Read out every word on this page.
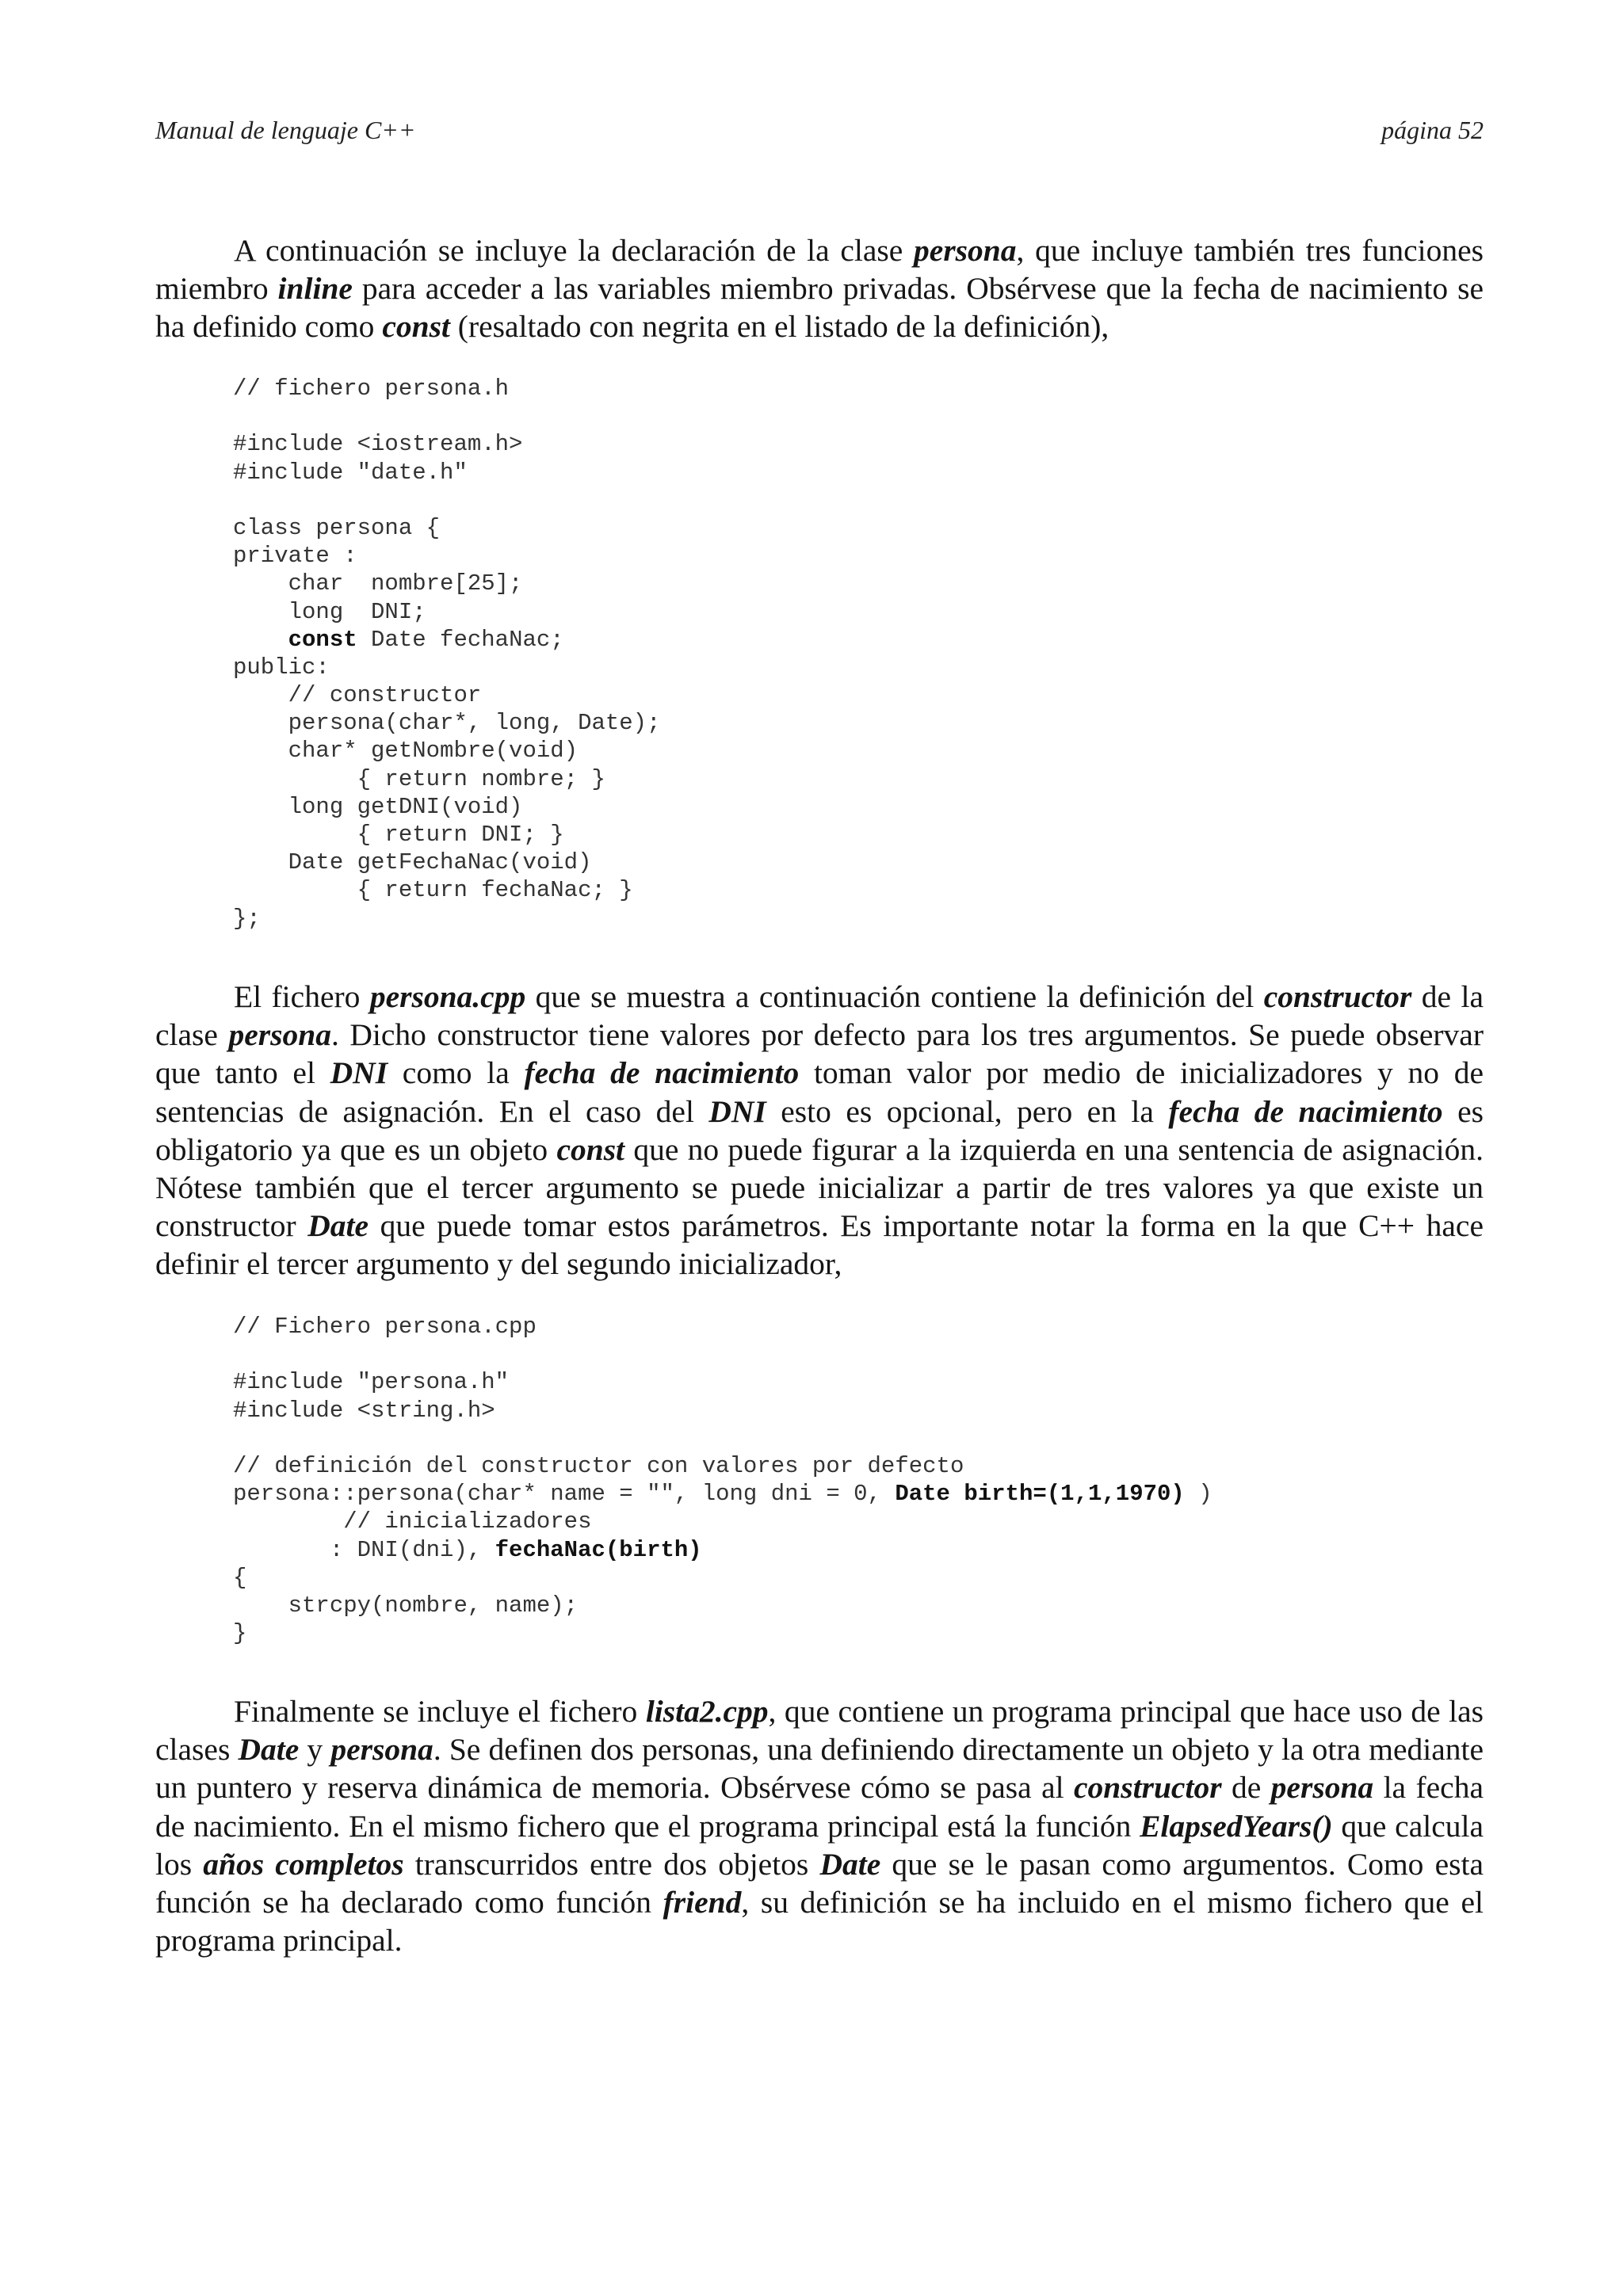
Manual de lenguaje C++	página 52

A continuación se incluye la declaración de la clase persona, que incluye también tres funciones miembro inline para acceder a las variables miembro privadas. Obsérvese que la fecha de nacimiento se ha definido como const (resaltado con negrita en el listado de la definición),

// fichero persona.h
#include <iostream.h>
#include "date.h"
class persona {
private :
char  nombre[25];
long  DNI;
const Date fechaNac;
public:
// constructor
persona(char*, long, Date);
char* getNombre(void)
{ return nombre; }
long getDNI(void)
{ return DNI; }
Date getFechaNac(void)
{ return fechaNac; }
};

El fichero persona.cpp que se muestra a continuación contiene la definición del constructor de la clase persona. Dicho constructor tiene valores por defecto para los tres argumentos. Se puede observar que tanto el DNI como la fecha de nacimiento toman valor por medio de inicializadores y no de sentencias de asignación. En el caso del DNI esto es opcional, pero en la fecha de nacimiento es obligatorio ya que es un objeto const que no puede figurar a la izquierda en una sentencia de asignación. Nótese también que el tercer argumento se puede inicializar a partir de tres valores ya que existe un constructor Date que puede tomar estos parámetros. Es importante notar la forma en la que C++ hace definir el tercer argumento y del segundo inicializador,

// Fichero persona.cpp
#include "persona.h"
#include <string.h>
// definición del constructor con valores por defecto
persona::persona(char* name = "", long dni = 0, Date birth=(1,1,1970) )
// inicializadores
: DNI(dni), fechaNac(birth)
{
strcpy(nombre, name);
}

Finalmente se incluye el fichero lista2.cpp, que contiene un programa principal que hace uso de las clases Date y persona. Se definen dos personas, una definiendo directamente un objeto y la otra mediante un puntero y reserva dinámica de memoria. Obsérvese cómo se pasa al constructor de persona la fecha de nacimiento. En el mismo fichero que el programa principal está la función ElapsedYears() que calcula los años completos transcurridos entre dos objetos Date que se le pasan como argumentos. Como esta función se ha declarado como función friend, su definición se ha incluido en el mismo fichero que el programa principal.
